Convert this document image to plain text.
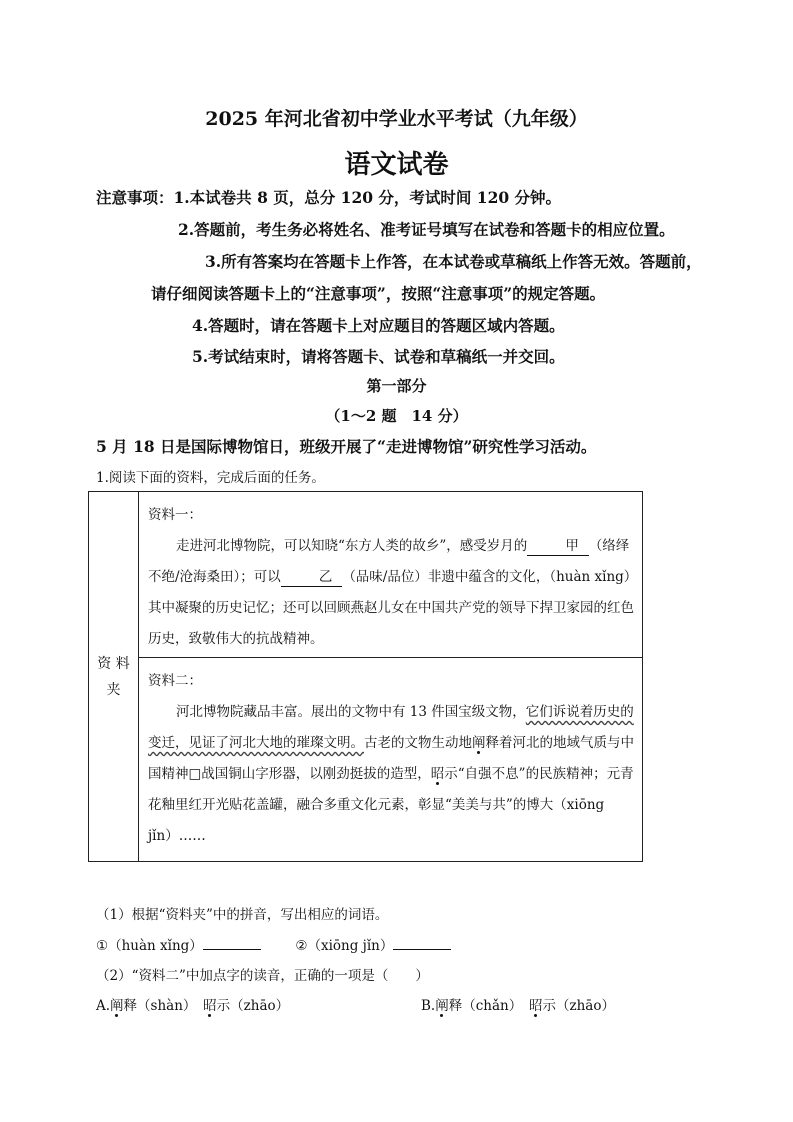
2025 年河北省初中学业水平考试（九年级）
语文试卷
注意事项：1.本试卷共 8 页，总分 120 分，考试时间 120 分钟。
2.答题前，考生务必将姓名、准考证号填写在试卷和答题卡的相应位置。
3.所有答案均在答题卡上作答，在本试卷或草稿纸上作答无效。答题前，
请仔细阅读答题卡上的“注意事项”，按照“注意事项”的规定答题。
4.答题时，请在答题卡上对应题目的答题区域内答题。
5.考试结束时，请将答题卡、试卷和草稿纸一并交回。
第一部分
（1～2 题　14 分）
5 月 18 日是国际博物馆日，班级开展了“走进博物馆”研究性学习活动。
1.阅读下面的资料，完成后面的任务。
资 料
夹

资料一：

走进河北博物院，可以知晓“东方人类的故乡”，感受岁月的	甲 （络绎不绝/沧海桑田）；可以	乙 （品味/品位）非遗中蕴含的文化，（huàn xǐng）其中凝聚的历史记忆；还可以回顾燕赵儿女在中国共产党的领导下捍卫家园的红色历史，致敬伟大的抗战精神。

资料二：

河北博物院藏品丰富。展出的文物中有 13 件国宝级文物，它们诉说着历史的变迁，见证了河北大地的璀璨文明。古老的文物生动地阐释着河北的地域气质与中国精神□战国铜山字形器，以刚劲挺拔的造型，昭示“自强不息”的民族精神；元青花釉里红开光贴花盖罐，融合多重文化元素，彰显“美美与共”的博大（xiōng jǐn）……

（1）根据“资料夹”中的拼音，写出相应的词语。
①（huàn xǐng）	②（xiōng jǐn）
（2）“资料二”中加点字的读音，正确的一项是（　　）
A.阐释（shàn）　昭示（zhāo）	B.阐释（chǎn）　昭示（zhāo）
